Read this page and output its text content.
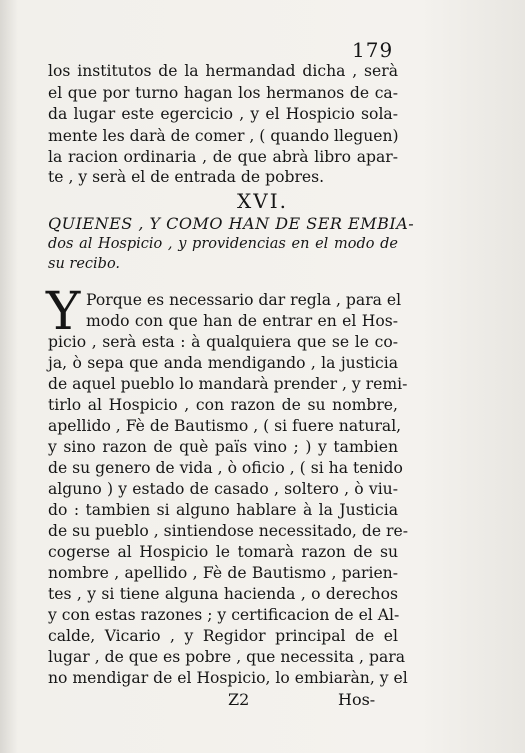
179
los institutos de la hermandad dicha , serà
el que por turno hagan los hermanos de ca-
da lugar este egercicio , y el Hospicio sola-
mente les darà de comer , ( quando lleguen)
la racion ordinaria , de que abrà libro apar-
te , y serà el de entrada de pobres.
XVI.
QUIENES , Y COMO HAN DE SER EMBIA-
dos al Hospicio , y providencias en el modo de
su recibo.
Y Porque es necessario dar regla , para el
modo con que han de entrar en el Hos-
picio , serà esta : à qualquiera que se le co-
ja, ò sepa que anda mendigando , la justicia
de aquel pueblo lo mandarà prender , y remi-
tirlo al Hospicio , con razon de su nombre,
apellido , Fè de Bautismo , ( si fuere natural,
y sino razon de què païs vino ; ) y tambien
de su genero de vida , ò oficio , ( si ha tenido
alguno ) y estado de casado , soltero , ò viu-
do : tambien si alguno hablare à la Justicia
de su pueblo , sintiendose necessitado, de re-
cogerse al Hospicio le tomarà razon de su
nombre , apellido , Fè de Bautismo , parien-
tes , y si tiene alguna hacienda , o derechos
y con estas razones ; y certificacion de el Al-
calde, Vicario , y Regidor principal de el
lugar , de que es pobre , que necessita , para
no mendigar de el Hospicio, lo embiaràn, y el
Z2	Hos-
